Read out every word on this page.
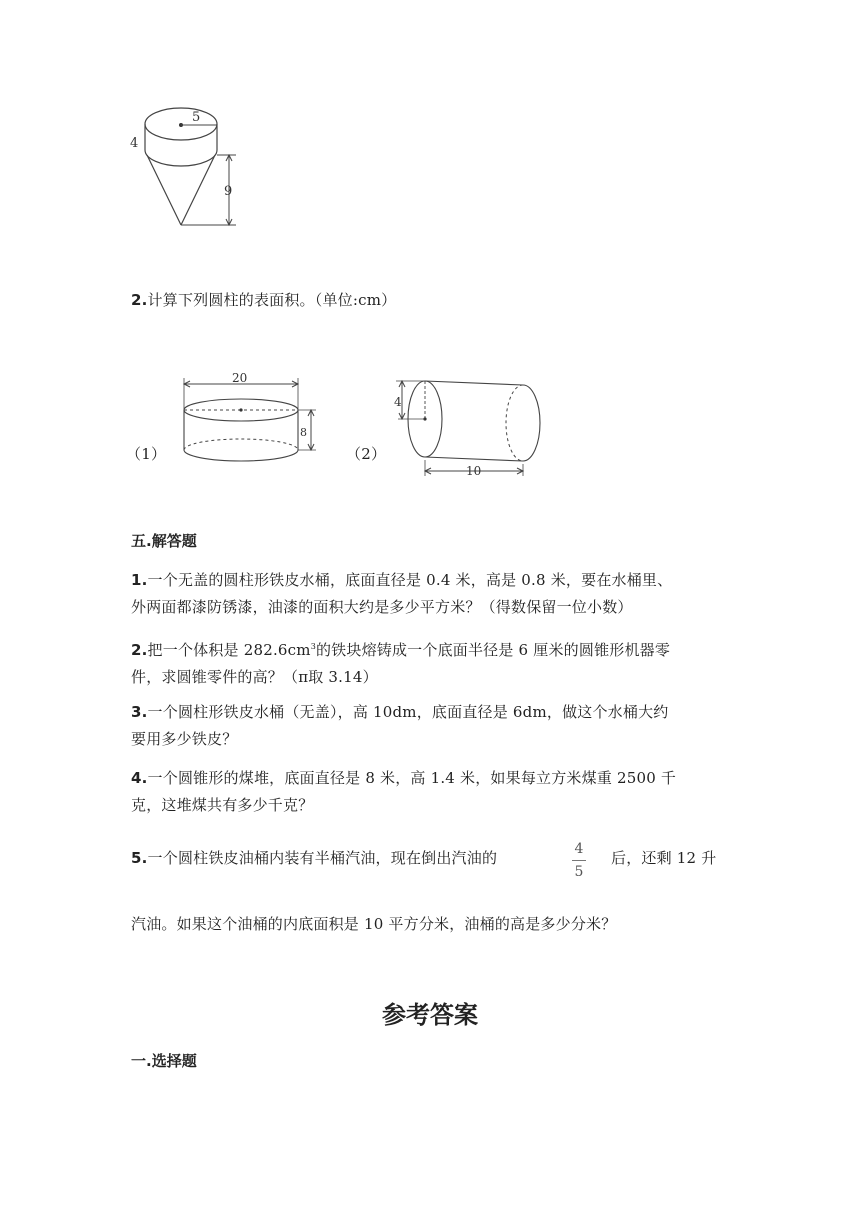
5
4
9
2.计算下列圆柱的表面积。（单位:cm）
（1）
20
8
（2）
4
10
五.解答题
1.一个无盖的圆柱形铁皮水桶，底面直径是 0.4 米，高是 0.8 米，要在水桶里、
外两面都漆防锈漆，油漆的面积大约是多少平方米？（得数保留一位小数）
2.把一个体积是 $282.6cm^3$的铁块熔铸成一个底面半径是 6 厘米的圆锥形机器零
件，求圆锥零件的高？（π取 3.14）
3.一个圆柱形铁皮水桶（无盖），高 10dm，底面直径是 6dm，做这个水桶大约
要用多少铁皮？
4.一个圆锥形的煤堆，底面直径是 8 米，高 1.4 米，如果每立方米煤重 2500 千
克，这堆煤共有多少千克？
5.一个圆柱铁皮油桶内装有半桶汽油，现在倒出汽油的	4
5
后，还剩 12 升
汽油。如果这个油桶的内底面积是 10 平方分米，油桶的高是多少分米？
参考答案
一.选择题
